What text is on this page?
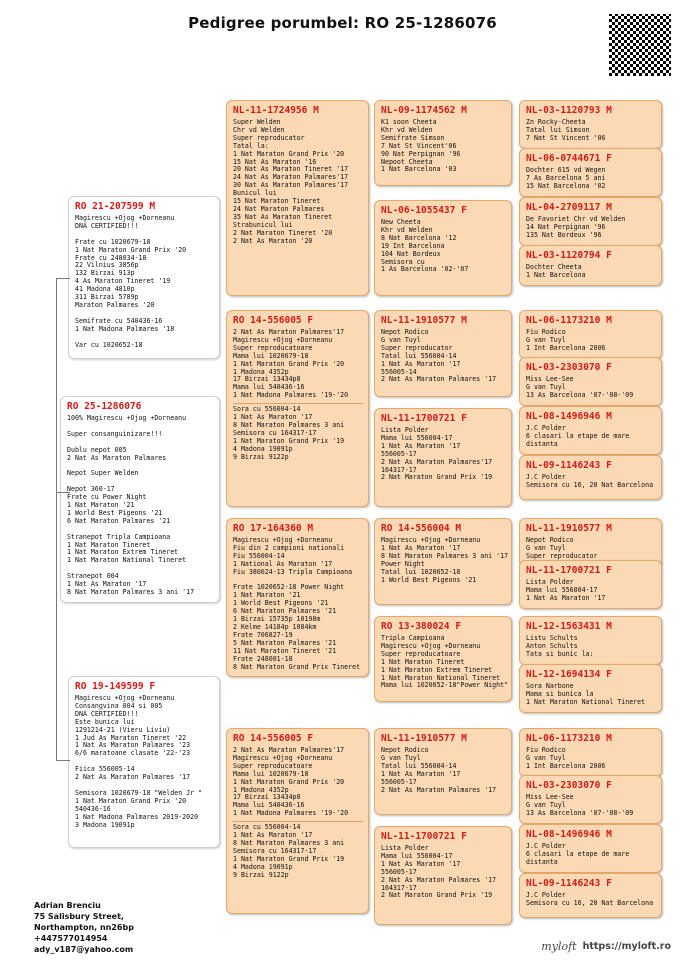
Pedigree porumbel: RO 25-1286076
RO 25-1286076
100% Magirescu +Ojog +Dorneanu

Super consanguinizare!!!

Dublu nepot 005
2 Nat As Maraton Palmares

Nepot Super Welden

Nepot 360-17
Frate cu Power Night
1 Nat Maraton '21
1 World Best Pigeons '21
6 Nat Maraton Palmares '21

Stranepot Tripla Campioana
1 Nat Maraton Tineret
1 Nat Maraton Extrem Tineret
1 Nat Maraton National Tineret

Stranepot 004
1 Nat As Maraton '17
8 Nat Maraton Palmares 3 ani '17
RO 21-207599 M
Magirescu +Ojog +Dorneanu
DNA CERTIFIED!!!

Frate cu 1020679-18
1 Nat Maraton Grand Prix '20
Frate cu 248034-18
22 Vilnius 3856p
132 Birzai 913p
4 As Maraton Tineret '19
41 Madona 4810p
311 Birzai 5789p
Maraton Palmares '20

Semifrate cu 540436-16
1 Nat Madona Palmares '18

Var cu 1020652-18
RO 19-149599 F
Magirescu +Ojog +Dorneanu
Consangvina 004 si 005
DNA CERTIFIED!!!
Este bunica lui
1291214-21 (Vieru Liviu)
1 Jud As Maraton Tineret '22
1 Nat As Maraton Palmares '23
6/6 maratoane clasate '22-'23

Fiica 556005-14
2 Nat As Maraton Palmares '17

Semisora 1020679-18 "Welden Jr "
1 Nat Maraton Grand Prix '20
540436-16
1 Nat Madona Palmares 2019-2020
3 Madona 19091p
NL-11-1724956 M
Super Welden
Chr vd Welden
Super reproducator
Tatal la:
1 Nat Maraton Grand Prix '20
15 Nat As Maraton '16
20 Nat As Maraton Tineret '17
24 Nat As Maraton Palmares'17
30 Nat As Maraton Palmares'17
Bunicul lui
15 Nat Maraton Tineret
24 Nat Maraton Palmares
35 Nat As Maraton Tineret
Strabunicul lui
2 Nat Maraton Tineret '20
2 Nat As Maraton '20
RO 14-556005 F
2 Nat As Maraton Palmares'17
Magirescu +Ojog +Dorneanu
Super reproducatoare
Mama lui 1020679-18
1 Nat Maraton Grand Prix '20
1 Madona 4352p
17 Birzai 13434p8
Mama lui 540436-16
1 Nat Madona Palmares '19-'20
Sora cu 556004-14
1 Nat As Maraton '17
8 Nat Maraton Palmares 3 ani
Semisora cu 164317-17
1 Nat Maraton Grand Prix '19
4 Madona 19091p
9 Birzai 9122p
RO 17-164360 M
Magirescu +Ojog +Dorneanu
Fiu din 2 campioni nationali
Fiu 556004-14
1 National As Maraton '17
Fiu 380024-13 Tripla Campioana

Frate 1020652-18 Power Night
1 Nat Maraton '21
1 World Best Pigeons '21
6 Nat Maraton Palmares '21
1 Birzai 15735p 10198m
2 Kelme 14184p 1084km
Frate 706827-19
5 Nat Maraton Palmares '21
11 Nat Maraton Tineret '21
Frate 248001-18
8 Nat Maraton Grand Prix Tineret
RO 14-556005 F
2 Nat As Maraton Palmares'17
Magirescu +Ojog +Dorneanu
Super reproducatoare
Mama lui 1020679-18
1 Nat Maraton Grand Prix '20
1 Madona 4352p
17 Birzai 13434p8
Mama lui 540436-16
1 Nat Madona Palmares '19-'20
Sora cu 556004-14
1 Nat As Maraton '17
8 Nat Maraton Palmares 3 ani
Semisora cu 164317-17
1 Nat Maraton Grand Prix '19
4 Madona 19091p
9 Birzai 9122p
NL-09-1174562 M
K1 soon Cheeta
Khr vd Welden
Semifrate Simson
7 Nat St Vincent'06
90 Nat Perpignan '96
Nepoot Cheeta
1 Nat Barcelona '03
NL-06-1055437 F
New Cheeta
Khr vd Welden
8 Nat Barcelona '12
19 Int Barcelona
104 Nat Bordeux
Semisora cu
1 As Barcelona '02-'07
NL-11-1910577 M
Nepot Rodico
G van Tuyl
Super reproducator
Tatal lui 556004-14
1 Nat As Maraton '17
556005-14
2 Nat As Maraton Palmares '17
NL-11-1700721 F
Lista Polder
Mama lui 556004-17
1 Nat As Maraton '17
556005-17
2 Nat As Maraton Palmares'17
164317-17
2 Nat Maraton Grand Prix '19
RO 14-556004 M
Magirescu +Ojog +Dorneanu
1 Nat As Maraton '17
8 Nat Maraton Palmares 3 ani '17
Power Night
Tatal lui 1020652-18
1 World Best Pigeons '21
RO 13-380024 F
Tripla Campioana
Magirescu +Ojog +Dorneanu
Super reproducatoare
1 Nat Maraton Tineret
1 Nat Maraton Extrem Tineret
1 Nat Maraton National Tineret
Mama lui 1020652-18"Power Night"
NL-11-1910577 M
Nepot Rodico
G van Tuyl
Tatal lui 556004-14
1 Nat As Maraton '17
556005-17
2 Nat As Maraton Palmares '17
NL-11-1700721 F
Lista Polder
Mama lui 556004-17
1 Nat As Maraton '17
556005-17
2 Nat As Maraton Palmares '17
164317-17
2 Nat Maraton Grand Prix '19
NL-03-1120793 M
Zn Rocky-Cheeta
Tatal lui Simson
7 Nat St Vincent '06
NL-06-0744671 F
Dochter 615 vd Wegen
7 As Barcelona 5 ani
15 Nat Barcelona '02
NL-04-2709117 M
De Favoriet Chr vd Welden
14 Nat Perpignan '96
135 Nat Bordeux '96
NL-03-1120794 F
Dochter Cheeta
1 Nat Barcelona
NL-06-1173210 M
Fiu Rodico
G van Tuyl
1 Int Barcelona 2006
NL-03-2303070 F
Miss Lee-See
G van Tuyl
13 As Barcelona '07-'08-'09
NL-08-1496946 M
J.C Polder
6 clasari la etape de mare
distanta
NL-09-1146243 F
J.C Polder
Semisora cu 16, 20 Nat Barcelona
NL-11-1910577 M
Nepot Rodico
G van Tuyl
Super reproducator
NL-11-1700721 F
Lista Polder
Mama lui 556004-17
1 Nat As Maraton '17
NL-12-1563431 M
Listu Schults
Anton Schults
Tata si bunic la:
NL-12-1694134 F
Sora Narbone
Mama si bunica la
1 Nat Maraton National Tineret
NL-06-1173210 M
Fiu Rodico
G van Tuyl
1 Int Barcelona 2006
NL-03-2303070 F
Miss Lee-See
G van Tuyl
13 As Barcelona '07-'08-'09
NL-08-1496946 M
J.C Polder
6 clasari la etape de mare
distanta
NL-09-1146243 F
J.C Polder
Semisora cu 16, 20 Nat Barcelona
Adrian Brenciu
75 Salisbury Street,
Northampton, nn26bp
+447577014954
ady_v187@yahoo.com	myloft https://myloft.ro
